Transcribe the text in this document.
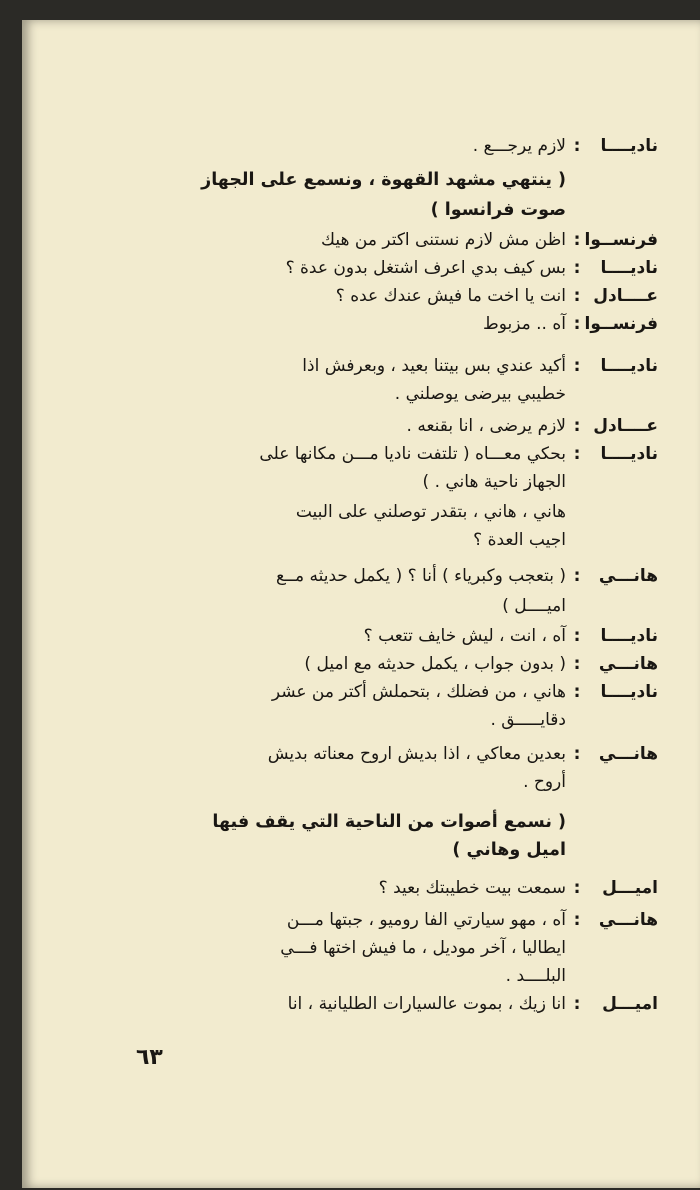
ناديــــا:لازم يرجـــع .
( ينتهي مشهد القهوة ، ونسمع على الجهاز
صوت فرانسوا )
فرنســوا:اظن مش لازم نستنى اكتر من هيك
ناديــــا:بس كيف بدي اعرف اشتغل بدون عدة ؟
عــــادل:انت يا اخت ما فيش عندك عده ؟
فرنســوا:آه .. مزبوط
ناديــــا:أكيد عندي بس بيتنا بعيد ، وبعرفش اذا
خطيبي بيرضى يوصلني .
عــــادل:لازم يرضى ، انا بقنعه .
ناديــــا:بحكي معـــاه ( تلتفت ناديا مـــن مكانها على
الجهاز ناحية هاني . )
هاني ، هاني ، بتقدر توصلني على البيت
اجيب العدة ؟
هانـــي:( بتعجب وكبرياء ) أنا ؟ ( يكمل حديثه مــع
اميــــل )
ناديــــا:آه ، انت ، ليش خايف تتعب ؟
هانـــي:( بدون جواب ، يكمل حديثه مع اميل )
ناديــــا:هاني ، من فضلك ، بتحملش أكتر من عشر
دقايـــــق .
هانـــي:بعدين معاكي ، اذا بديش اروح معناته بديش
أروح .
( نسمع أصوات من الناحية التي يقف فيها
اميل وهاني )
اميـــل:سمعت بيت خطيبتك بعيد ؟
هانـــي:آه ، مهو سيارتي الفا روميو ، جبتها مـــن
ايطاليا ، آخر موديل ، ما فيش اختها فـــي
البلــــد .
اميـــل:انا زيك ، بموت عالسيارات الطليانية ، انا
٦٣
